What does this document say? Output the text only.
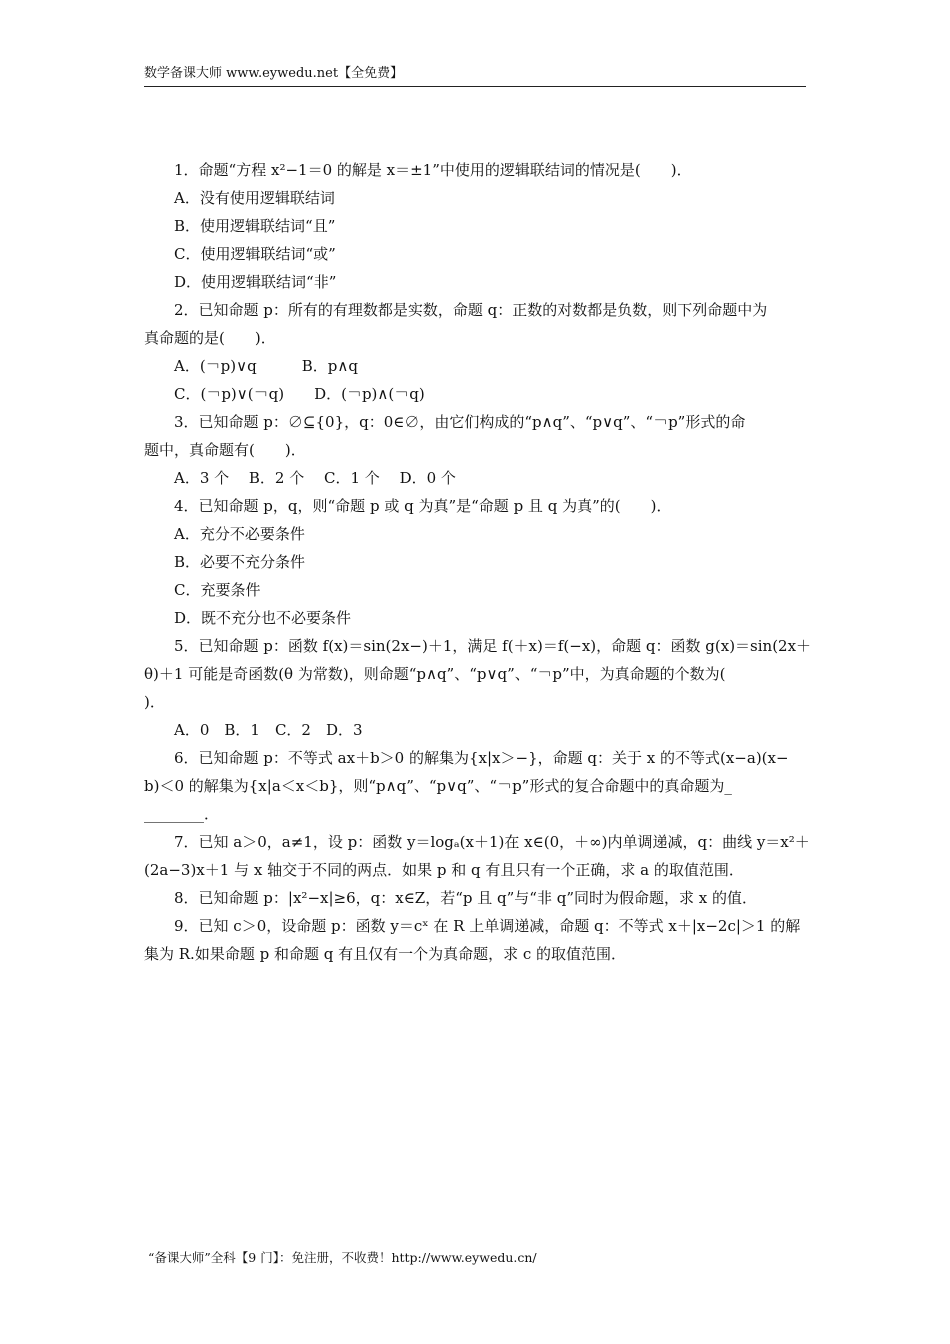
数学备课大师 www.eywedu.net【全免费】
1．命题“方程 x²−1＝0 的解是 x＝±1”中使用的逻辑联结词的情况是(　　)．
A．没有使用逻辑联结词
B．使用逻辑联结词“且”
C．使用逻辑联结词“或”
D．使用逻辑联结词“非”
2．已知命题 p：所有的有理数都是实数，命题 q：正数的对数都是负数，则下列命题中为
真命题的是(　　)．
A．(￢p)∨q　　　B．p∧q
C．(￢p)∨(￢q)　　D．(￢p)∧(￢q)
3．已知命题 p：∅⊆{0}，q：0∈∅，由它们构成的“p∧q”、“p∨q”、“￢p”形式的命
题中，真命题有(　　)．
A．3 个　 B．2 个　 C．1 个　 D．0 个
4．已知命题 p，q，则“命题 p 或 q 为真”是“命题 p 且 q 为真”的(　　)．
A．充分不必要条件
B．必要不充分条件
C．充要条件
D．既不充分也不必要条件
5．已知命题 p：函数 f(x)＝sin(2x−)＋1，满足 f(＋x)＝f(−x)，命题 q：函数 g(x)＝sin(2x＋
θ)＋1 可能是奇函数(θ 为常数)，则命题“p∧q”、“p∨q”、“￢p”中，为真命题的个数为(
)．
A．0　B．1　C．2　D．3
6．已知命题 p：不等式 ax＋b＞0 的解集为{x|x＞−}，命题 q：关于 x 的不等式(x−a)(x−
b)＜0 的解集为{x|a＜x＜b}，则“p∧q”、“p∨q”、“￢p”形式的复合命题中的真命题为_
________．
7．已知 a＞0，a≠1，设 p：函数 y＝logₐ(x＋1)在 x∈(0，＋∞)内单调递减，q：曲线 y＝x²＋
(2a−3)x＋1 与 x 轴交于不同的两点．如果 p 和 q 有且只有一个正确，求 a 的取值范围．
8．已知命题 p：|x²−x|≥6，q：x∈Z，若“p 且 q”与“非 q”同时为假命题，求 x 的值．
9．已知 c＞0，设命题 p：函数 y＝cˣ 在 R 上单调递减，命题 q：不等式 x＋|x−2c|＞1 的解
集为 R.如果命题 p 和命题 q 有且仅有一个为真命题，求 c 的取值范围．
“备课大师”全科【9 门】：免注册，不收费！http://www.eywedu.cn/
